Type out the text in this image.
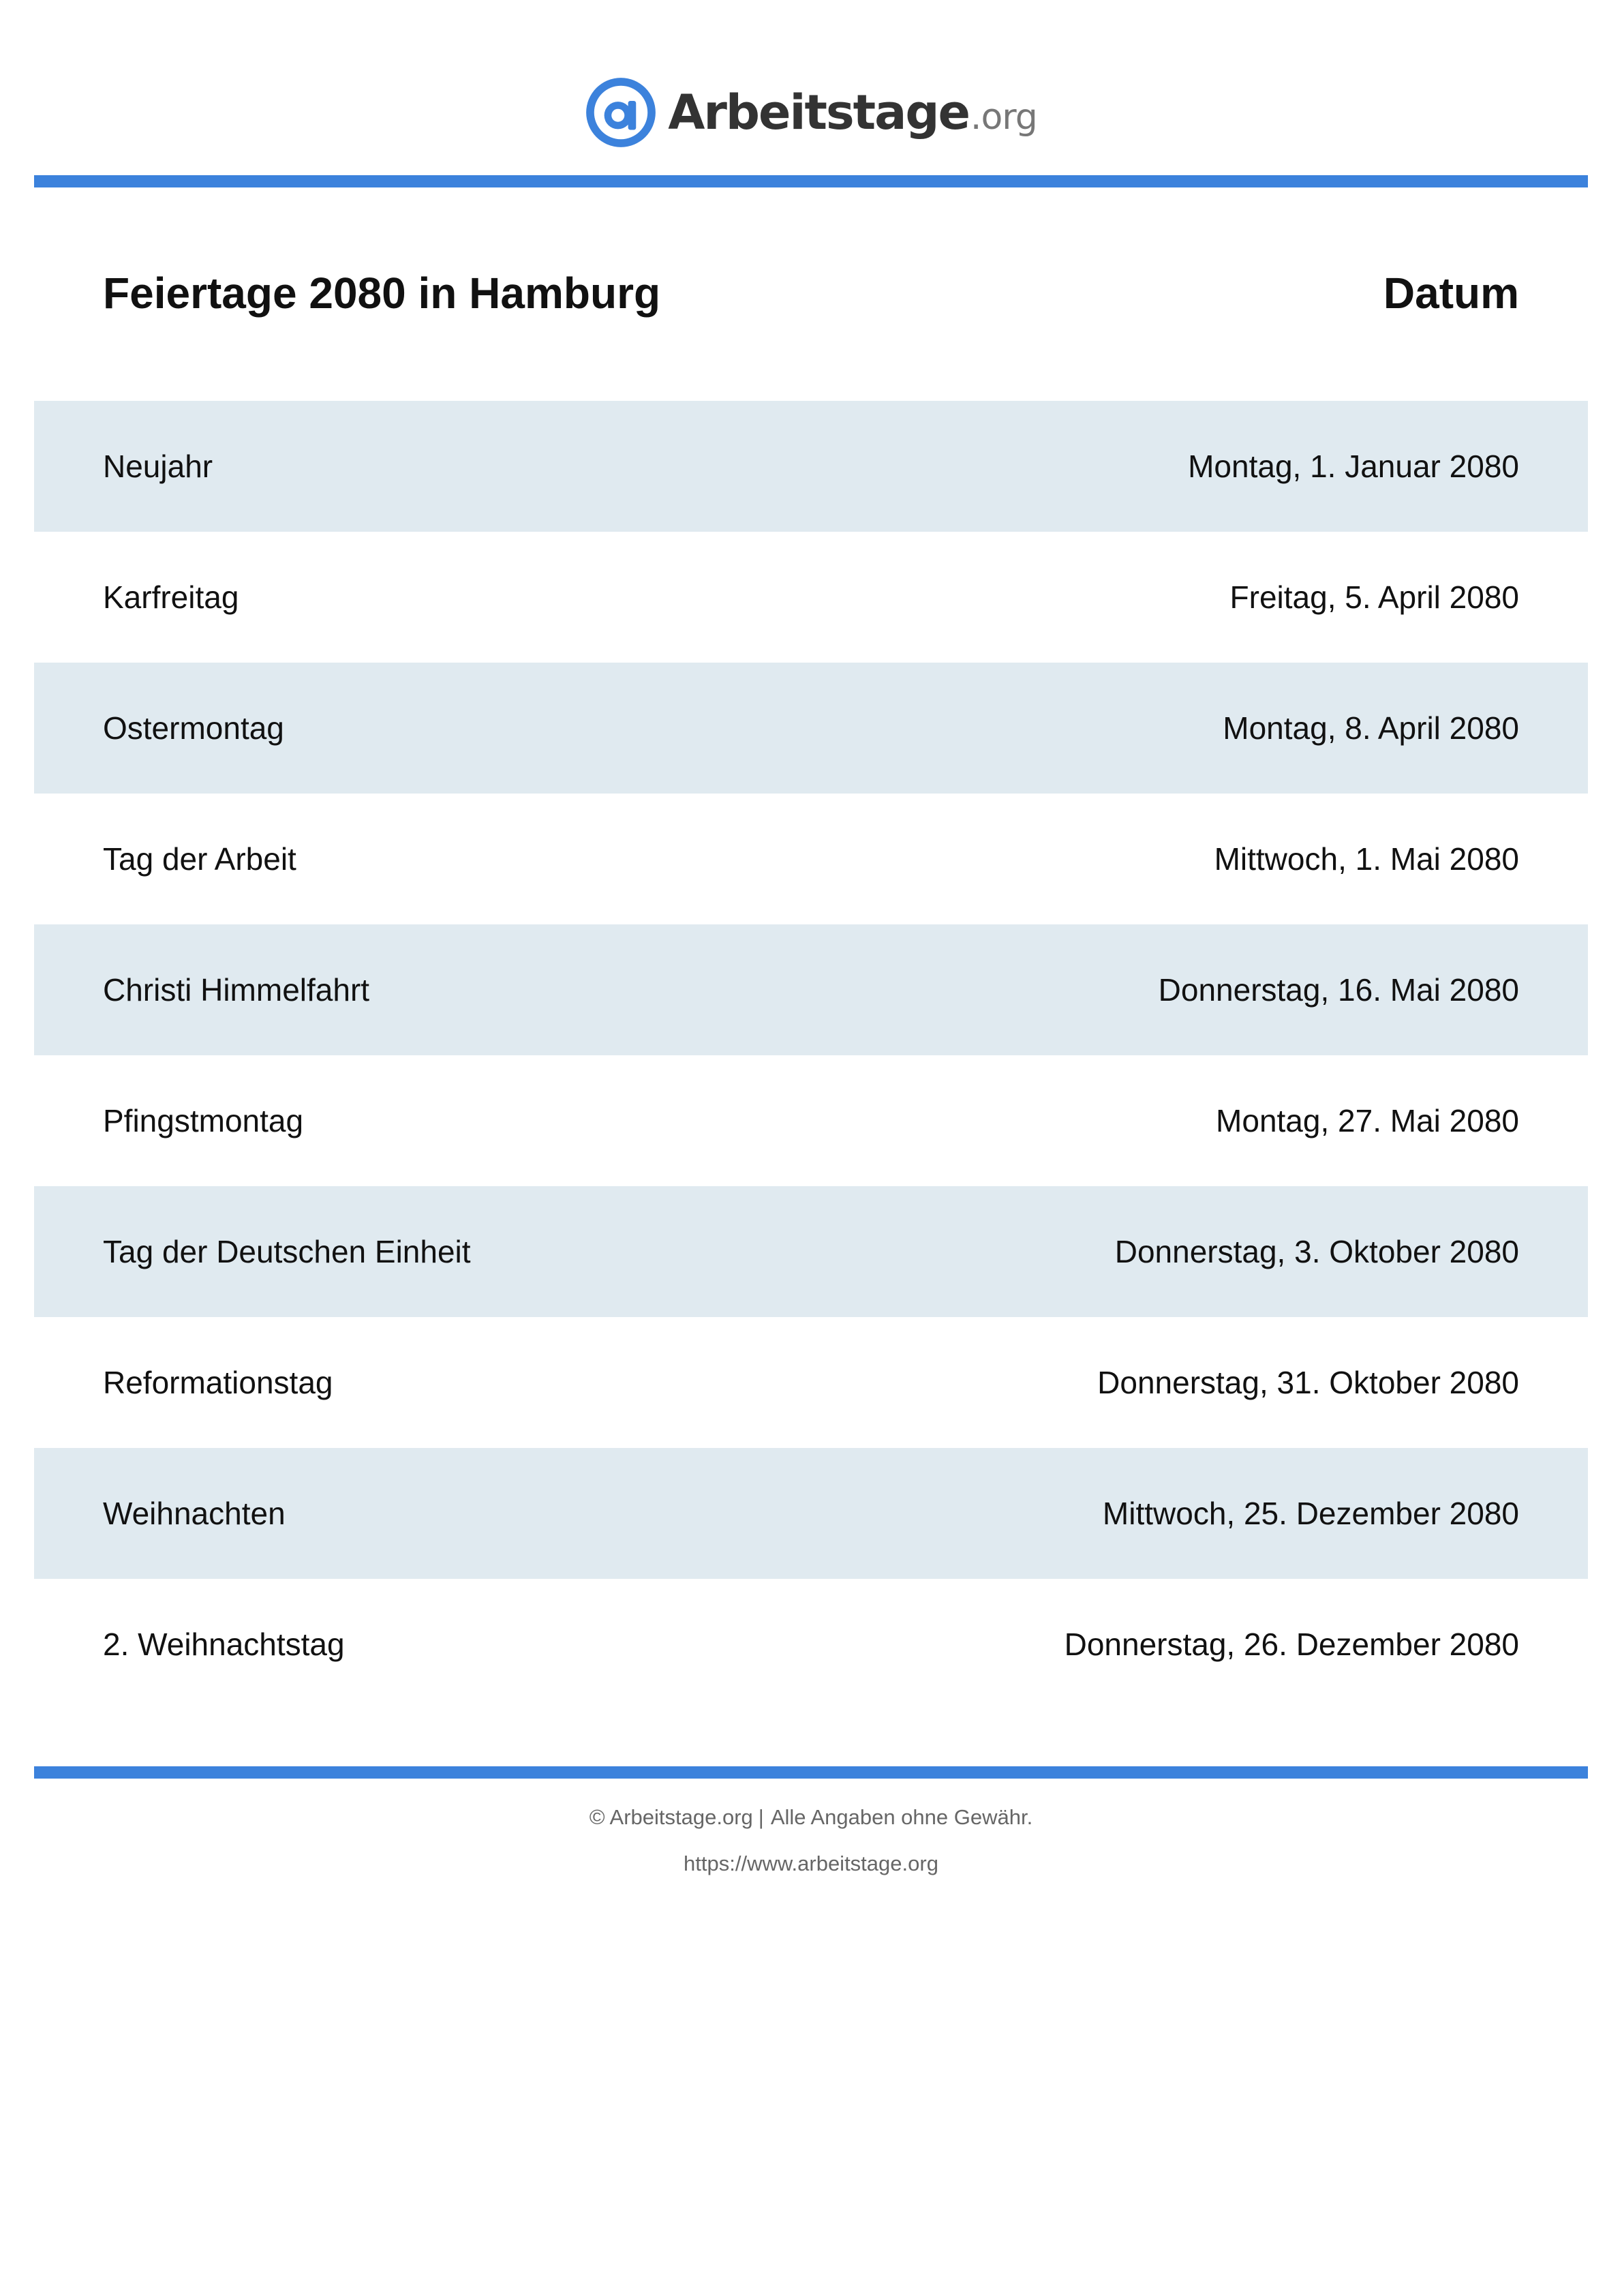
Arbeitstage .org
Feiertage 2080 in Hamburg	Datum
Neujahr	Montag, 1. Januar 2080
Karfreitag	Freitag, 5. April 2080
Ostermontag	Montag, 8. April 2080
Tag der Arbeit	Mittwoch, 1. Mai 2080
Christi Himmelfahrt	Donnerstag, 16. Mai 2080
Pfingstmontag	Montag, 27. Mai 2080
Tag der Deutschen Einheit	Donnerstag, 3. Oktober 2080
Reformationstag	Donnerstag, 31. Oktober 2080
Weihnachten	Mittwoch, 25. Dezember 2080
2. Weihnachtstag	Donnerstag, 26. Dezember 2080
© Arbeitstage.org | Alle Angaben ohne Gewähr.
https://www.arbeitstage.org
